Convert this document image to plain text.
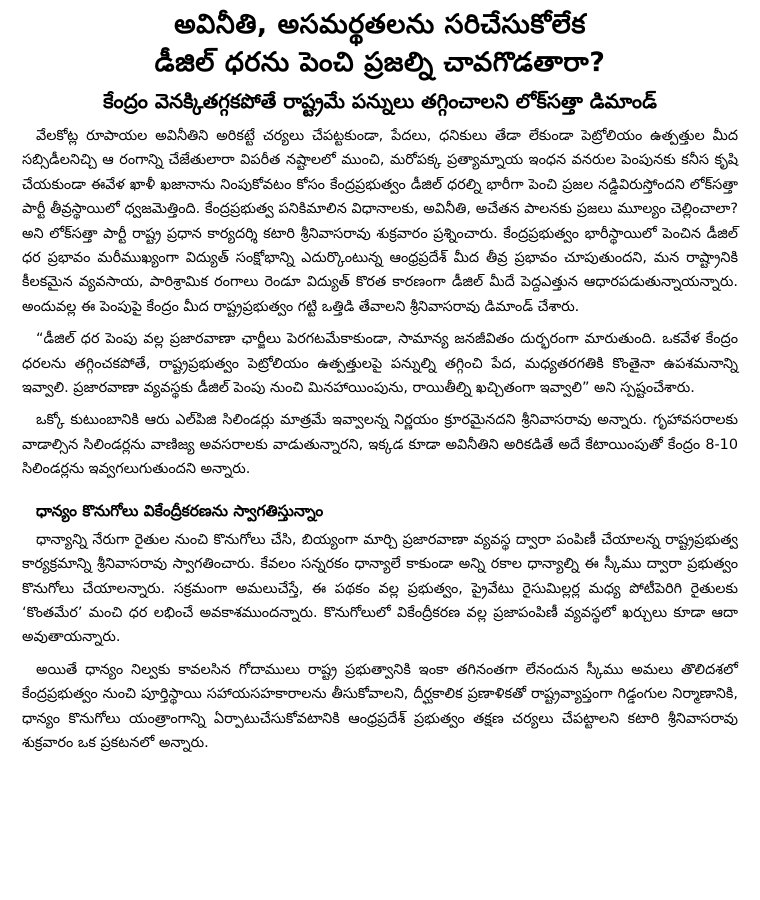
అవినీతి, అసమర్థతలను సరిచేసుకోలేక
డీజిల్ ధరను పెంచి ప్రజల్ని చావగొడతారా?
కేంద్రం వెనక్కితగ్గకపోతే రాష్ట్రమే పన్నులు తగ్గించాలని లోక్‌సత్తా డిమాండ్

వేలకోట్ల రూపాయల అవినీతిని అరికట్టే చర్యలు చేపట్టకుండా, పేదలు, ధనికులు తేడా లేకుండా పెట్రోలియం ఉత్పత్తుల మీద సబ్సిడీలనిచ్చి ఆ రంగాన్ని చేజేతులారా విపరీత నష్టాలలో ముంచి, మరోపక్క ప్రత్యామ్నాయ ఇంధన వనరుల పెంపునకు కనీస కృషి చేయకుండా ఈవేళ ఖాళీ ఖజానాను నింపుకోవటం కోసం కేంద్రప్రభుత్వం డీజిల్ ధరల్ని భారీగా పెంచి ప్రజల నడ్డివిరుస్తోందని లోక్‌సత్తా పార్టీ తీవ్రస్థాయిలో ధ్వజమెత్తింది. కేంద్రప్రభుత్వ పనికిమాలిన విధానాలకు, అవినీతి, అచేతన పాలనకు ప్రజలు మూల్యం చెల్లించాలా? అని లోక్‌సత్తా పార్టీ రాష్ట్ర ప్రధాన కార్యదర్శి కటారి శ్రీనివాసరావు శుక్రవారం ప్రశ్నించారు. కేంద్రప్రభుత్వం భారీస్థాయిలో పెంచిన డీజిల్ ధర ప్రభావం మరీముఖ్యంగా విద్యుత్ సంక్షోభాన్ని ఎదుర్కొంటున్న ఆంధ్రప్రదేశ్ మీద తీవ్ర ప్రభావం చూపుతుందని, మన రాష్ట్రానికి కీలకమైన వ్యవసాయ, పారిశ్రామిక రంగాలు రెండూ విద్యుత్ కొరత కారణంగా డీజిల్ మీదే పెద్దఎత్తున ఆధారపడుతున్నాయన్నారు. అందువల్ల ఈ పెంపుపై కేంద్రం మీద రాష్ట్రప్రభుత్వం గట్టి ఒత్తిడి తేవాలని శ్రీనివాసరావు డిమాండ్ చేశారు.

“డీజిల్ ధర పెంపు వల్ల ప్రజారవాణా ఛార్జీలు పెరగటమేకాకుండా, సామాన్య జనజీవితం దుర్భరంగా మారుతుంది. ఒకవేళ కేంద్రం ధరలను తగ్గించకపోతే, రాష్ట్రప్రభుత్వం పెట్రోలియం ఉత్పత్తులపై పన్నుల్ని తగ్గించి పేద, మధ్యతరగతికి కొంతైనా ఉపశమనాన్ని ఇవ్వాలి. ప్రజారవాణా వ్యవస్థకు డీజిల్ పెంపు నుంచి మినహాయింపును, రాయితీల్ని ఖచ్చితంగా ఇవ్వాలి” అని స్పష్టంచేశారు.

ఒక్కో కుటుంబానికి ఆరు ఎల్‌పిజి సిలిండర్లు మాత్రమే ఇవ్వాలన్న నిర్ణయం క్రూరమైనదని శ్రీనివాసరావు అన్నారు. గృహావసరాలకు వాడాల్సిన సిలిండర్లను వాణిజ్య అవసరాలకు వాడుతున్నారని, ఇక్కడ కూడా అవినీతిని అరికడితే అదే కేటాయింపుతో కేంద్రం 8-10 సిలిండర్లను ఇవ్వగలుగుతుందని అన్నారు.

ధాన్యం కొనుగోలు వికేంద్రీకరణను స్వాగతిస్తున్నాం

ధాన్యాన్ని నేరుగా రైతుల నుంచి కొనుగోలు చేసి, బియ్యంగా మార్చి ప్రజారవాణా వ్యవస్థ ద్వారా పంపిణీ చేయాలన్న రాష్ట్రప్రభుత్వ కార్యక్రమాన్ని శ్రీనివాసరావు స్వాగతించారు. కేవలం సన్నరకం ధాన్యాలే కాకుండా అన్ని రకాల ధాన్యాల్ని ఈ స్కీము ద్వారా ప్రభుత్వం కొనుగోలు చేయాలన్నారు. సక్రమంగా అమలుచేస్తే, ఈ పథకం వల్ల ప్రభుత్వం, ప్రైవేటు రైసుమిల్లర్ల మధ్య పోటీపెరిగి రైతులకు ‘కొంతమేర’ మంచి ధర లభించే అవకాశముందన్నారు. కొనుగోలులో వికేంద్రీకరణ వల్ల ప్రజాపంపిణీ వ్యవస్థలో ఖర్చులు కూడా ఆదా అవుతాయన్నారు.

అయితే ధాన్యం నిల్వకు కావలసిన గోదాములు రాష్ట్ర ప్రభుత్వానికి ఇంకా తగినంతగా లేనందున స్కీము అమలు తొలిదశలో కేంద్రప్రభుత్వం నుంచి పూర్తిస్థాయి సహాయసహకారాలను తీసుకోవాలని, దీర్ఘకాలిక ప్రణాళికతో రాష్ట్రవ్యాప్తంగా గిడ్డంగుల నిర్మాణానికి, ధాన్యం కొనుగోలు యంత్రాంగాన్ని ఏర్పాటుచేసుకోవటానికి ఆంధ్రప్రదేశ్ ప్రభుత్వం తక్షణ చర్యలు చేపట్టాలని కటారి శ్రీనివాసరావు శుక్రవారం ఒక ప్రకటనలో అన్నారు.
